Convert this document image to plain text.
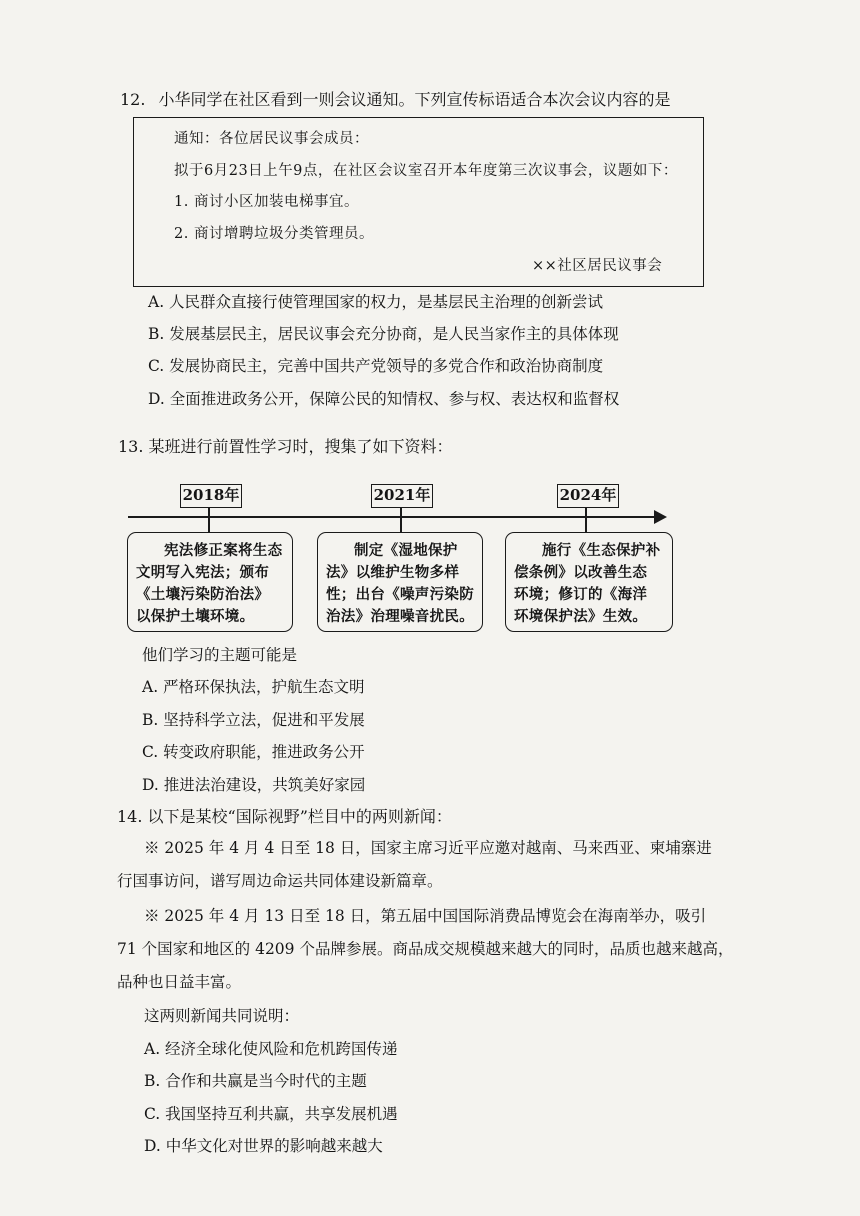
12. 小华同学在社区看到一则会议通知。下列宣传标语适合本次会议内容的是
通知：各位居民议事会成员：
拟于6月23日上午9点，在社区会议室召开本年度第三次议事会，议题如下：
1. 商讨小区加装电梯事宜。
2. 商讨增聘垃圾分类管理员。
××社区居民议事会
A. 人民群众直接行使管理国家的权力，是基层民主治理的创新尝试
B. 发展基层民主，居民议事会充分协商，是人民当家作主的具体体现
C. 发展协商民主，完善中国共产党领导的多党合作和政治协商制度
D. 全面推进政务公开，保障公民的知情权、参与权、表达权和监督权
13. 某班进行前置性学习时，搜集了如下资料：
2018年	2021年	2024年
宪法修正案将生态
文明写入宪法；颁布
《土壤污染防治法》
以保护土壤环境。
制定《湿地保护
法》以维护生物多样
性；出台《噪声污染防
治法》治理噪音扰民。
施行《生态保护补
偿条例》以改善生态
环境；修订的《海洋
环境保护法》生效。
他们学习的主题可能是
A. 严格环保执法，护航生态文明
B. 坚持科学立法，促进和平发展
C. 转变政府职能，推进政务公开
D. 推进法治建设，共筑美好家园
14. 以下是某校“国际视野”栏目中的两则新闻：
※ 2025 年 4 月 4 日至 18 日，国家主席习近平应邀对越南、马来西亚、柬埔寨进
行国事访问，谱写周边命运共同体建设新篇章。
※ 2025 年 4 月 13 日至 18 日，第五届中国国际消费品博览会在海南举办，吸引
71 个国家和地区的 4209 个品牌参展。商品成交规模越来越大的同时，品质也越来越高，
品种也日益丰富。
这两则新闻共同说明：
A. 经济全球化使风险和危机跨国传递
B. 合作和共赢是当今时代的主题
C. 我国坚持互利共赢，共享发展机遇
D. 中华文化对世界的影响越来越大
